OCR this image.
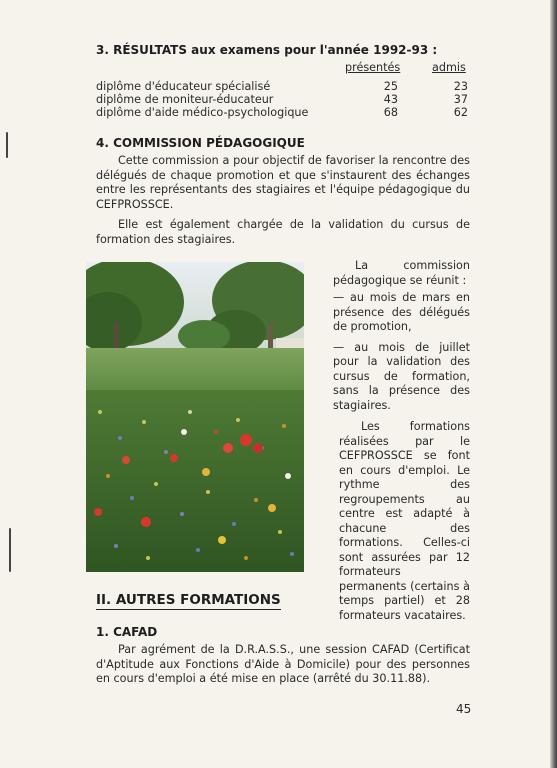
3. RÉSULTATS aux examens pour l'année 1992-93 :
présentés	admis
diplôme d'éducateur spécialisé	25	23
diplôme de moniteur-éducateur	43	37
diplôme d'aide médico-psychologique	68	62
4. COMMISSION PÉDAGOGIQUE
Cette commission a pour objectif de favoriser la rencontre des délégués de chaque promotion et que s'instaurent des échanges entre les représentants des stagiaires et l'équipe pédagogique du CEFPROSSCE.
Elle est également chargée de la validation du cursus de formation des stagiaires.

La commission pédagogique se réunit :

— au mois de mars en présence des délégués de promotion,

— au mois de juillet pour la validation des cursus de formation, sans la présence des stagiaires.

Les formations réalisées par le CEFPROSSCE se font en cours d'emploi. Le rythme des regroupements au centre est adapté à chacune des formations. Celles-ci sont assurées par 12 formateurs permanents (certains à temps partiel) et 28 formateurs vacataires.
II. AUTRES FORMATIONS
1. CAFAD
Par agrément de la D.R.A.S.S., une session CAFAD (Certificat d'Aptitude aux Fonctions d'Aide à Domicile) pour des personnes en cours d'emploi a été mise en place (arrêté du 30.11.88).
45
